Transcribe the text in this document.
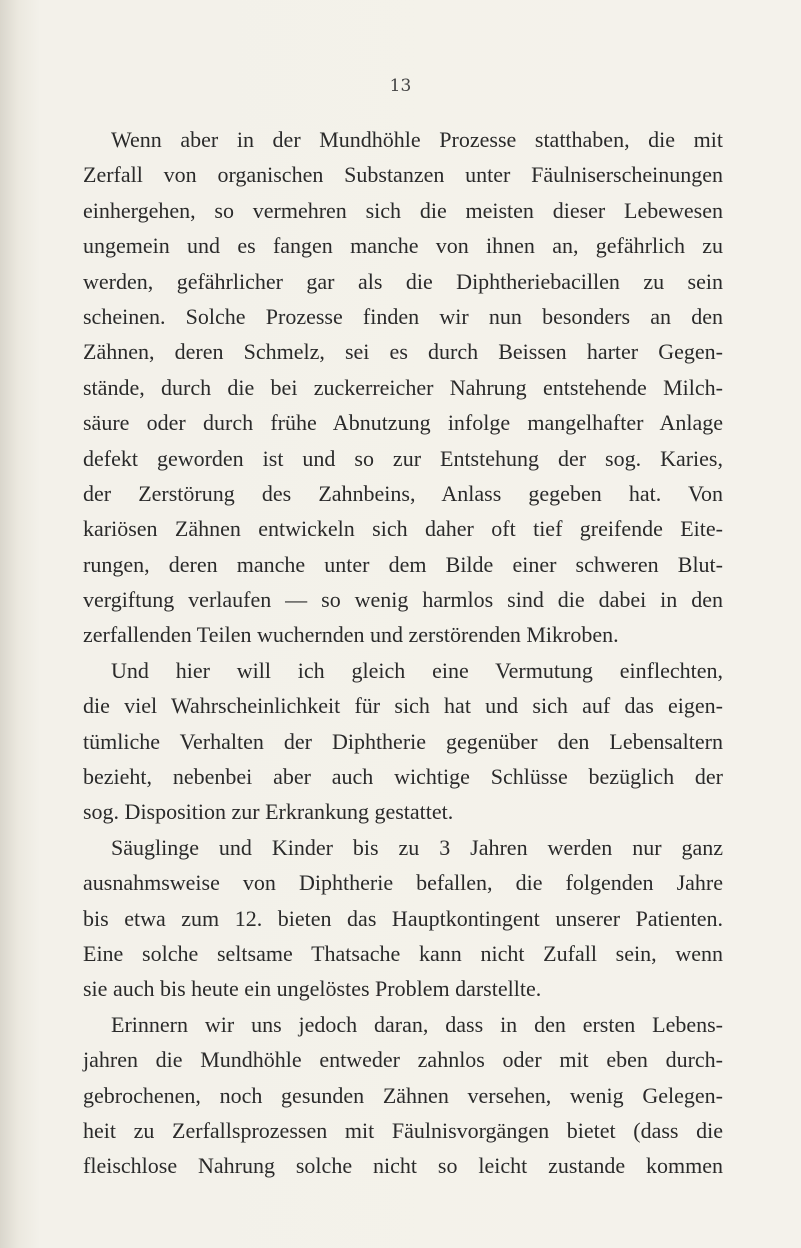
13
Wenn aber in der Mundhöhle Prozesse statthaben, die mit
Zerfall von organischen Substanzen unter Fäulniserscheinungen
einhergehen, so vermehren sich die meisten dieser Lebewesen
ungemein und es fangen manche von ihnen an, gefährlich zu
werden, gefährlicher gar als die Diphtheriebacillen zu sein
scheinen. Solche Prozesse finden wir nun besonders an den
Zähnen, deren Schmelz, sei es durch Beissen harter Gegen-
stände, durch die bei zuckerreicher Nahrung entstehende Milch-
säure oder durch frühe Abnutzung infolge mangelhafter Anlage
defekt geworden ist und so zur Entstehung der sog. Karies,
der Zerstörung des Zahnbeins, Anlass gegeben hat. Von
kariösen Zähnen entwickeln sich daher oft tief greifende Eite-
rungen, deren manche unter dem Bilde einer schweren Blut-
vergiftung verlaufen — so wenig harmlos sind die dabei in den
zerfallenden Teilen wuchernden und zerstörenden Mikroben.
Und hier will ich gleich eine Vermutung einflechten,
die viel Wahrscheinlichkeit für sich hat und sich auf das eigen-
tümliche Verhalten der Diphtherie gegenüber den Lebensaltern
bezieht, nebenbei aber auch wichtige Schlüsse bezüglich der
sog. Disposition zur Erkrankung gestattet.
Säuglinge und Kinder bis zu 3 Jahren werden nur ganz
ausnahmsweise von Diphtherie befallen, die folgenden Jahre
bis etwa zum 12. bieten das Hauptkontingent unserer Patienten.
Eine solche seltsame Thatsache kann nicht Zufall sein, wenn
sie auch bis heute ein ungelöstes Problem darstellte.
Erinnern wir uns jedoch daran, dass in den ersten Lebens-
jahren die Mundhöhle entweder zahnlos oder mit eben durch-
gebrochenen, noch gesunden Zähnen versehen, wenig Gelegen-
heit zu Zerfallsprozessen mit Fäulnisvorgängen bietet (dass die
fleischlose Nahrung solche nicht so leicht zustande kommen
